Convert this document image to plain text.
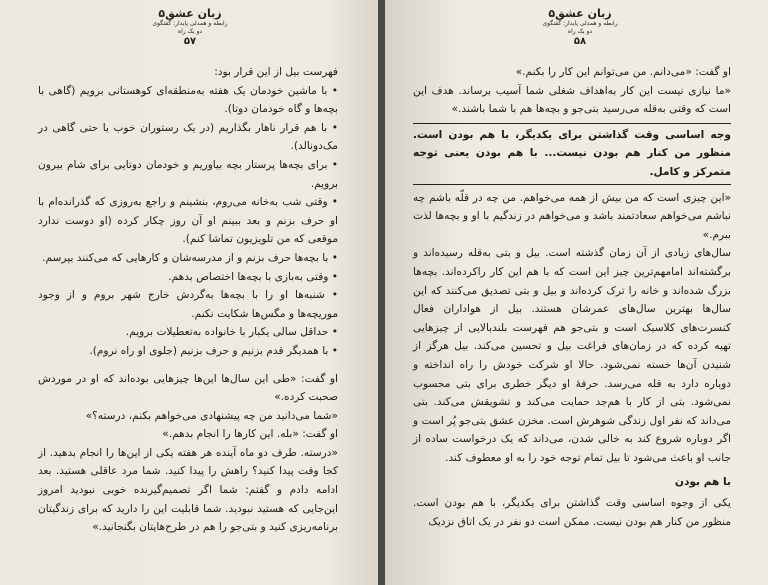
زبان عشق۵
رابطه و همدلی پایدار: گفتگوی دو یک راه
۵۷

فهرست بیل از این قرار بود:

• با ماشین خودمان یک هفته به‌منطقه‌ای کوهستانی برویم (گاهی با بچه‌ها و گاه خودمان دوتا).
• با هم قرار ناهار بگذاریم (در یک رستوران خوب یا حتی گاهی در مک‌دونالد).
• برای بچه‌ها پرستار بچه بیاوریم و خودمان دوتایی برای شام بیرون برویم.
• وقتی شب به‌خانه می‌روم، بنشینم و راجع به‌روزی که گذرانده‌ام با او حرف بزنم و بعد ببینم او آن روز چکار کرده (او دوست ندارد موقعی که من تلویزیون تماشا کنم).
• با بچه‌ها حرف بزنم و از مدرسه‌شان و کارهایی که می‌کنند بپرسم.
• وقتی به‌بازی با بچه‌ها اختصاص بدهم.
• شنبه‌ها او را با بچه‌ها به‌گردش خارج شهر بروم و از وجود موریچه‌ها و مگس‌ها شکایت نکنم.
• حداقل سالی یکبار با خانواده به‌تعطیلات برویم.
• با همدیگر قدم بزنیم و حرف بزنیم (جلوی او راه نروم).

او گفت: «طی این سال‌ها این‌ها چیزهایی بوده‌اند که او در موردش صحبت کرده.»

«شما می‌دانید من چه پیشنهادی می‌خواهم بکنم، درسته؟»

او گفت: «بله. این کارها را انجام بدهم.»

«درسته. طرف دو ماه آینده هر هفته یکی از این‌ها را انجام بدهید. از کجا وقت پیدا کنید؟ راهش را پیدا کنید. شما مرد عاقلی هستید. بعد ادامه دادم و گفتم: شما اگر تصمیم‌گیرنده خوبی نبودید امروز این‌جایی که هستید نبودید. شما قابلیت این را دارید که برای زندگیتان برنامه‌ریزی کنید و بتی‌جو را هم در طرح‌هایتان بگنجانید.»

زبان عشق۵
رابطه و همدلی پایدار: گفتگوی دو یک راه
۵۸

او گفت: «می‌دانم. من می‌توانم این کار را بکنم.»

«ما نیازی نیست این کار به‌اهداف شغلی شما آسیب برساند. هدف این است که وقتی به‌قله می‌رسید بتی‌جو و بچه‌ها هم با شما باشند.»

وجه اساسی وقت گذاشتن برای یکدیگر، با هم بودن است. منظور من کنار هم بودن نیست... با هم بودن یعنی توجه متمرکز و کامل.

«این چیزی است که من بیش از همه می‌خواهم. من چه در قلّه باشم چه نباشم می‌خواهم سعادتمند باشد و می‌خواهم در زندگیم با او و بچه‌ها لذت ببرم.»

سال‌های زیادی از آن زمان گذشته است. بیل و بتی به‌قله رسیده‌اند و برگشته‌اند امامهم‌ترین چیز این است که با هم این کار راکرده‌اند. بچه‌ها بزرگ شده‌اند و خانه را ترک کرده‌اند و بیل و بتی تصدیق می‌کنند که این سال‌ها بهترین سال‌های عمرشان هستند. بیل از هواداران فعال کنسرت‌های کلاسیک است و بتی‌جو هم فهرست بلندبالایی از چیزهایی تهیه کرده که در زمان‌های فراغت بیل و تحسین می‌کند. بیل هرگز از شنیدن آن‌ها خسته نمی‌شود. حالا او شرکت خودش را راه انداخته و دوباره دارد به قله می‌رسد. حرفهٔ او دیگر خطری برای بتی محسوب نمی‌شود. بتی از کار با هم‌جد حمایت می‌کند و تشویقش می‌کند. بتی می‌داند که نفر اول زندگی شوهرش است. مخزن عشق بتی‌جو پُر است و اگر دوباره شروع کند به خالی شدن، می‌داند که یک درخواست ساده از جانب او باعث می‌شود تا بیل تمام توجه خود را به او معطوف کند.

با هم بودن

یکی از وجوه اساسی وقت گذاشتن برای یکدیگر، با هم بودن است. منظور من کنار هم بودن نیست. ممکن است دو نفر در یک اتاق نزدیک
